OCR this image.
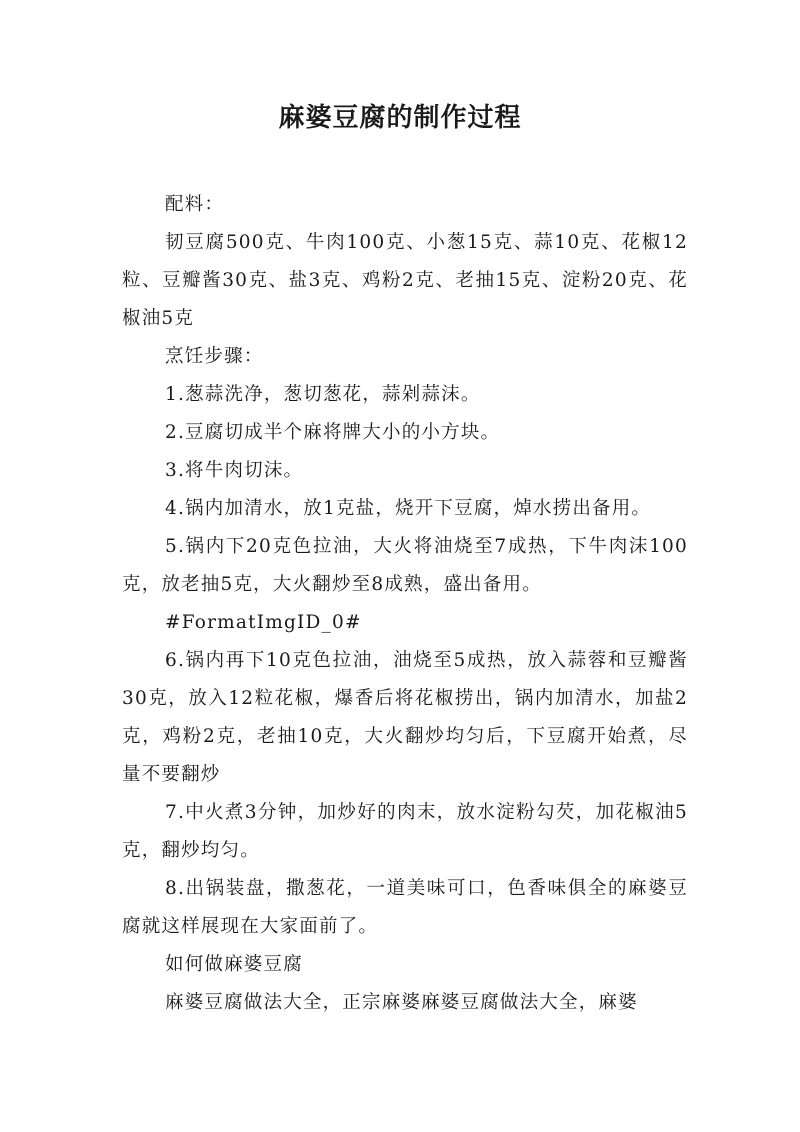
麻婆豆腐的制作过程

配料：

韧豆腐500克、牛肉100克、小葱15克、蒜10克、花椒12粒、豆瓣酱30克、盐3克、鸡粉2克、老抽15克、淀粉20克、花椒油5克

烹饪步骤：

1.葱蒜洗净，葱切葱花，蒜剁蒜沫。

2.豆腐切成半个麻将牌大小的小方块。

3.将牛肉切沫。

4.锅内加清水，放1克盐，烧开下豆腐，焯水捞出备用。

5.锅内下20克色拉油，大火将油烧至7成热，下牛肉沫100克，放老抽5克，大火翻炒至8成熟，盛出备用。

#FormatImgID_0#

6.锅内再下10克色拉油，油烧至5成热，放入蒜蓉和豆瓣酱30克，放入12粒花椒，爆香后将花椒捞出，锅内加清水，加盐2克，鸡粉2克，老抽10克，大火翻炒均匀后，下豆腐开始煮，尽量不要翻炒

7.中火煮3分钟，加炒好的肉末，放水淀粉勾芡，加花椒油5克，翻炒均匀。

8.出锅装盘，撒葱花，一道美味可口，色香味俱全的麻婆豆腐就这样展现在大家面前了。

如何做麻婆豆腐

麻婆豆腐做法大全，正宗麻婆麻婆豆腐做法大全，麻婆
